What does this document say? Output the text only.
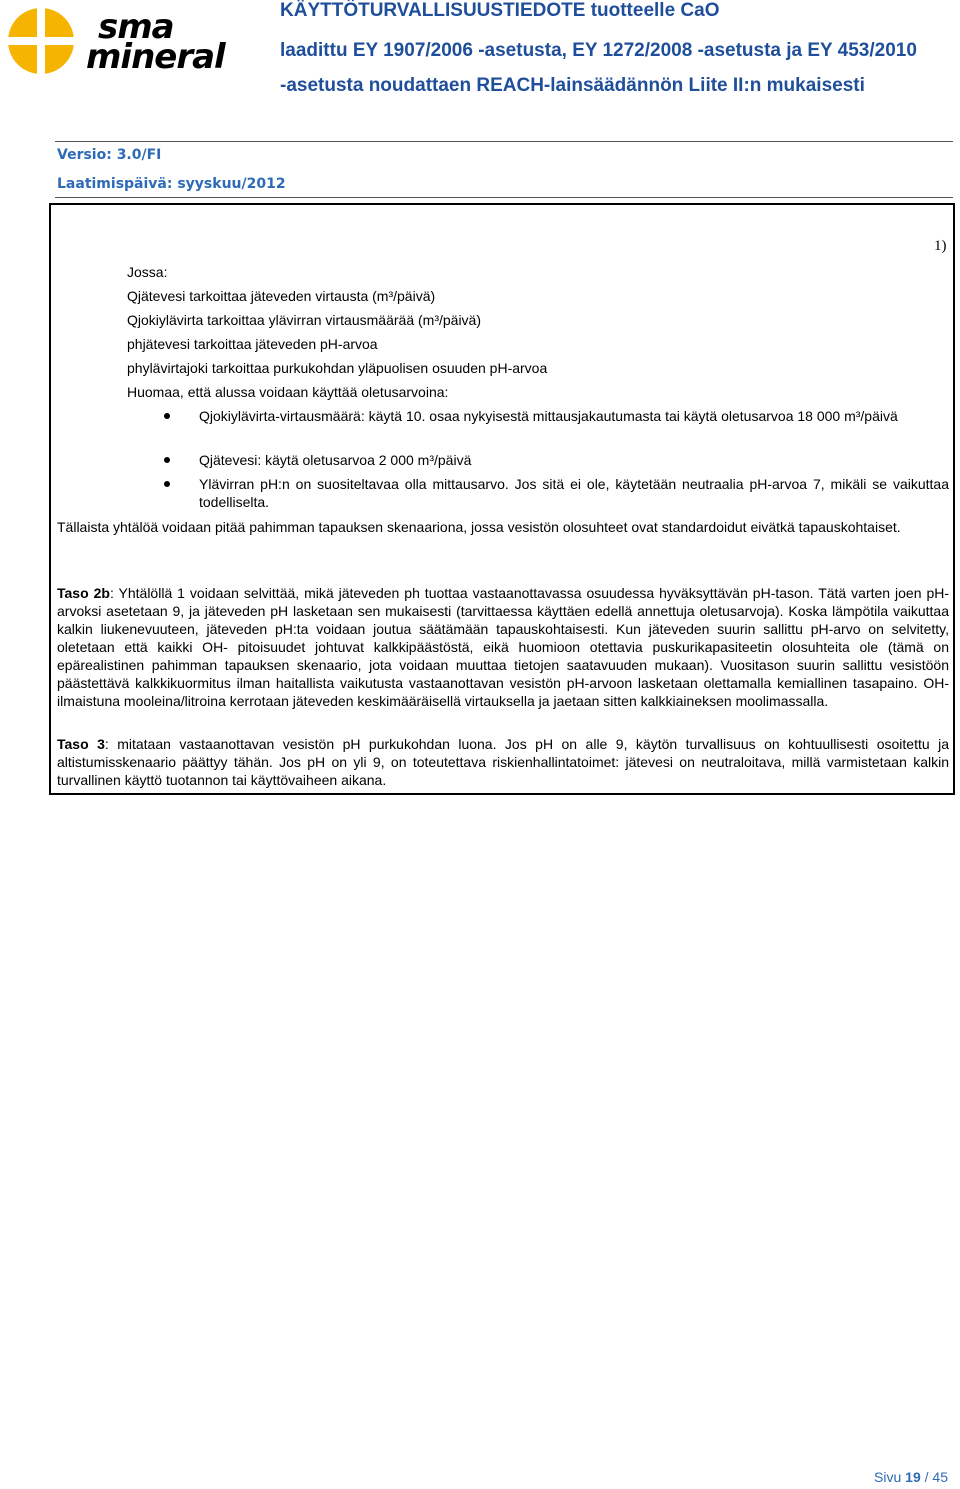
sma
mineral
KÄYTTÖTURVALLISUUSTIEDOTE tuotteelle CaO
laadittu EY 1907/2006 -asetusta, EY 1272/2008 -asetusta ja EY 453/2010
-asetusta noudattaen REACH-lainsäädännön Liite II:n mukaisesti
Versio: 3.0/FI
Laatimispäivä: syyskuu/2012
1)
Jossa:
Qjätevesi tarkoittaa jäteveden virtausta (m³/päivä)
Qjokiylävirta tarkoittaa ylävirran virtausmäärää (m³/päivä)
phjätevesi tarkoittaa jäteveden pH-arvoa
phylävirtajoki tarkoittaa purkukohdan yläpuolisen osuuden pH-arvoa
Huomaa, että alussa voidaan käyttää oletusarvoina:
Qjokiylävirta-virtausmäärä: käytä 10. osaa nykyisestä mittausjakautumasta tai käytä oletusarvoa 18 000 m³/päivä
Qjätevesi: käytä oletusarvoa 2 000 m³/päivä
Ylävirran pH:n on suositeltavaa olla mittausarvo. Jos sitä ei ole, käytetään neutraalia pH-arvoa 7, mikäli se vaikuttaa todelliselta.
Tällaista yhtälöä voidaan pitää pahimman tapauksen skenaariona, jossa vesistön olosuhteet ovat standardoidut eivätkä tapauskohtaiset.
Taso 2b: Yhtälöllä 1 voidaan selvittää, mikä jäteveden ph tuottaa vastaanottavassa osuudessa hyväksyttävän pH-tason. Tätä varten joen pH-arvoksi asetetaan 9, ja jäteveden pH lasketaan sen mukaisesti (tarvittaessa käyttäen edellä annettuja oletusarvoja). Koska lämpötila vaikuttaa kalkin liukenevuuteen, jäteveden pH:ta voidaan joutua säätämään tapauskohtaisesti. Kun jäteveden suurin sallittu pH-arvo on selvitetty, oletetaan että kaikki OH- pitoisuudet johtuvat kalkkipäästöstä, eikä huomioon otettavia puskurikapasiteetin olosuhteita ole (tämä on epärealistinen pahimman tapauksen skenaario, jota voidaan muuttaa tietojen saatavuuden mukaan). Vuositason suurin sallittu vesistöön päästettävä kalkkikuormitus ilman haitallista vaikutusta vastaanottavan vesistön pH-arvoon lasketaan olettamalla kemiallinen tasapaino. OH- ilmaistuna mooleina/litroina kerrotaan jäteveden keskimääräisellä virtauksella ja jaetaan sitten kalkkiaineksen moolimassalla.
Taso 3: mitataan vastaanottavan vesistön pH purkukohdan luona. Jos pH on alle 9, käytön turvallisuus on kohtuullisesti osoitettu ja altistumisskenaario päättyy tähän. Jos pH on yli 9, on toteutettava riskienhallintatoimet: jätevesi on neutraloitava, millä varmistetaan kalkin turvallinen käyttö tuotannon tai käyttövaiheen aikana.
Sivu 19 / 45
